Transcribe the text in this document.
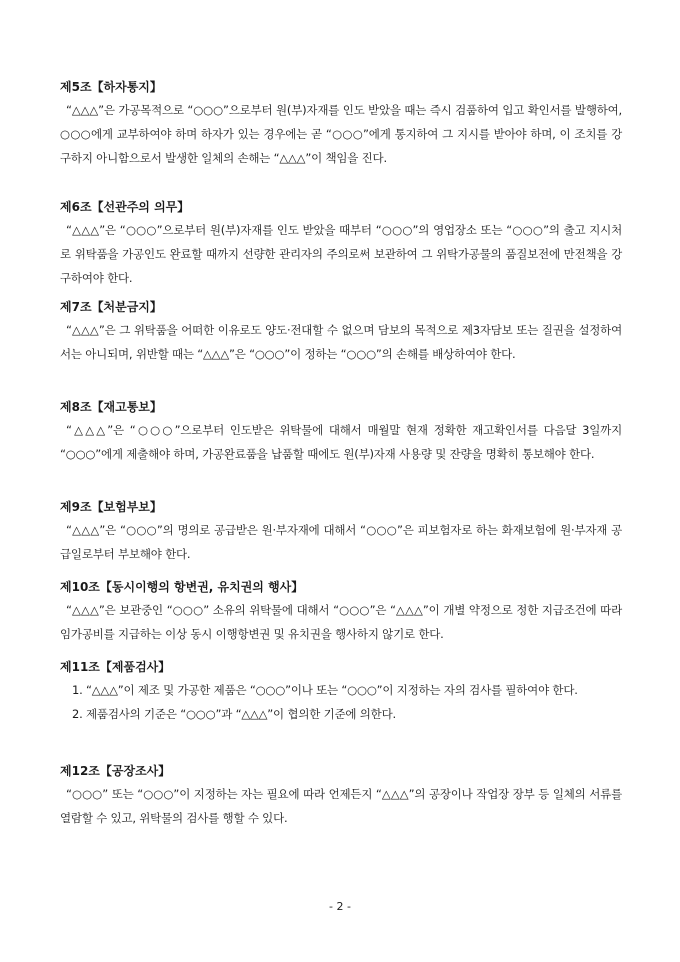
제5조【하자통지】

“△△△”은 가공목적으로 “○○○”으로부터 원(부)자재를 인도 받았을 때는 즉시 검품하여 입고 확인서를 발행하여, ○○○에게 교부하여야 하며 하자가 있는 경우에는 곧 “○○○”에게 통지하여 그 지시를 받아야 하며, 이 조치를 강구하지 아니함으로서 발생한 일체의 손해는 “△△△”이 책임을 진다.

제6조【선관주의 의무】

“△△△”은 “○○○”으로부터 원(부)자재를 인도 받았을 때부터 “○○○”의 영업장소 또는 “○○○”의 출고 지시처로 위탁품을 가공인도 완료할 때까지 선량한 관리자의 주의로써 보관하여 그 위탁가공물의 품질보전에 만전책을 강구하여야 한다.

제7조【처분금지】

“△△△”은 그 위탁품을 어떠한 이유로도 양도·전대할 수 없으며 담보의 목적으로 제3자담보 또는 질권을 설정하여서는 아니되며, 위반할 때는 “△△△”은 “○○○”이 정하는 “○○○”의 손해를 배상하여야 한다.

제8조【재고통보】

“△△△”은 “○○○”으로부터 인도받은 위탁물에 대해서 매월말 현재 정확한 재고확인서를 다음달 3일까지 “○○○”에게 제출해야 하며, 가공완료품을 납품할 때에도 원(부)자재 사용량 및 잔량을 명확히 통보해야 한다.

제9조【보험부보】

“△△△”은 “○○○”의 명의로 공급받은 원·부자재에 대해서 “○○○”은 피보험자로 하는 화재보험에 원·부자재 공급일로부터 부보해야 한다.

제10조【동시이행의 항변권, 유치권의 행사】

“△△△”은 보관중인 “○○○” 소유의 위탁물에 대해서 “○○○”은 “△△△”이 개별 약정으로 정한 지급조건에 따라 임가공비를 지급하는 이상 동시 이행항변권 및 유치권을 행사하지 않기로 한다.

제11조【제품검사】
1. “△△△”이 제조 및 가공한 제품은 “○○○”이나 또는 “○○○”이 지정하는 자의 검사를 필하여야 한다.
2. 제품검사의 기준은 “○○○”과 “△△△”이 협의한 기준에 의한다.
제12조【공장조사】

“○○○” 또는 “○○○”이 지정하는 자는 필요에 따라 언제든지 “△△△”의 공장이나 작업장 장부 등 일체의 서류를 열람할 수 있고, 위탁물의 검사를 행할 수 있다.

- 2 -
